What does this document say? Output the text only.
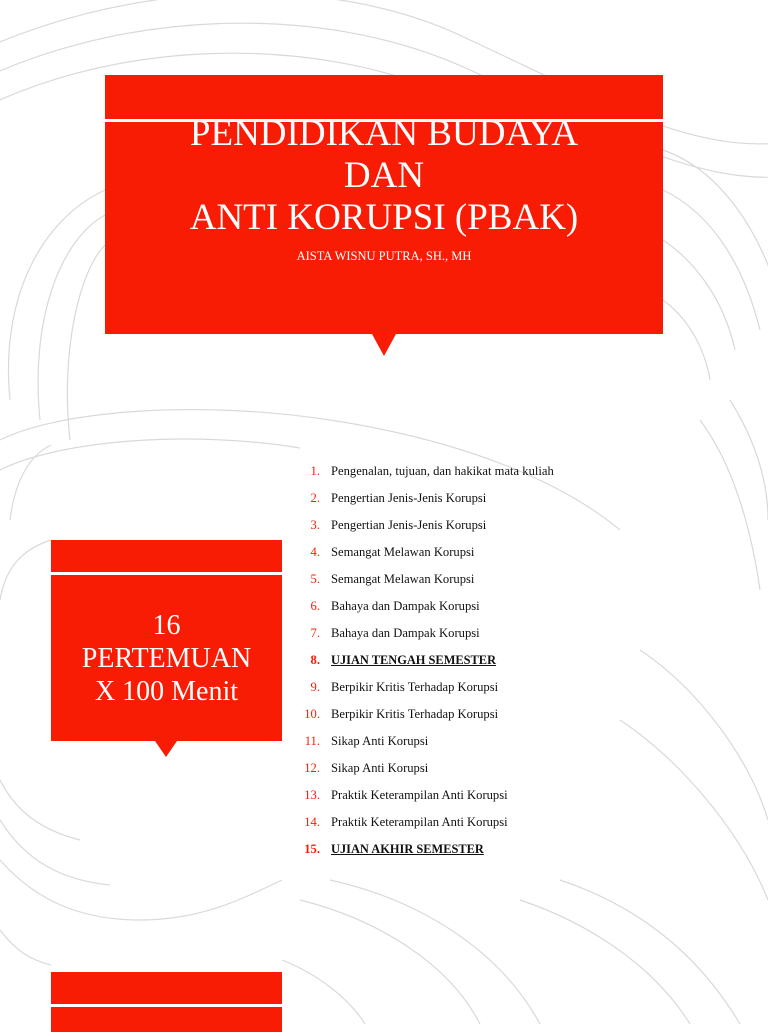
PENDIDIKAN BUDAYA
DAN
ANTI KORUPSI (PBAK)
AISTA WISNU PUTRA, SH., MH
16
PERTEMUAN
X 100 Menit
1. Pengenalan, tujuan, dan hakikat mata kuliah
2. Pengertian Jenis-Jenis Korupsi
3. Pengertian Jenis-Jenis Korupsi
4. Semangat Melawan Korupsi
5. Semangat Melawan Korupsi
6. Bahaya dan Dampak Korupsi
7. Bahaya dan Dampak Korupsi
8. UJIAN TENGAH SEMESTER
9. Berpikir Kritis Terhadap Korupsi
10. Berpikir Kritis Terhadap Korupsi
11. Sikap Anti Korupsi
12. Sikap Anti Korupsi
13. Praktik Keterampilan Anti Korupsi
14. Praktik Keterampilan Anti Korupsi
15. UJIAN AKHIR SEMESTER
